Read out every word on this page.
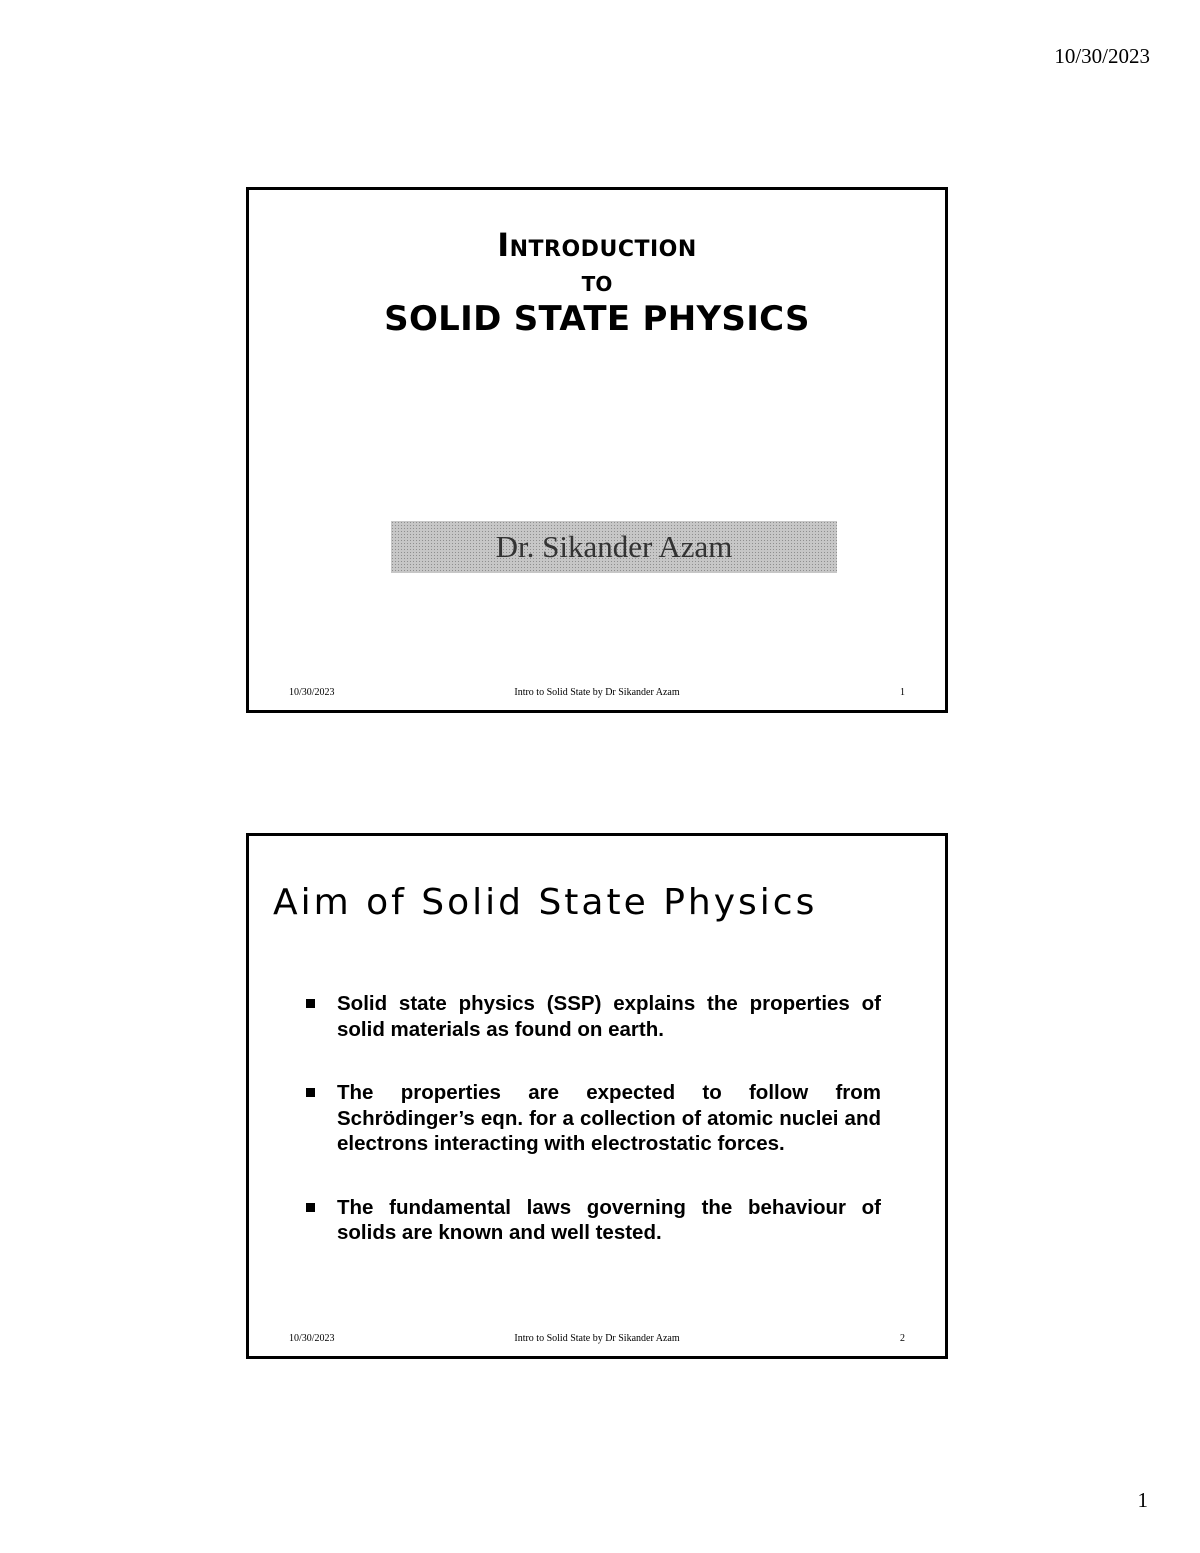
10/30/2023
Introduction
to
SOLID STATE PHYSICS
Dr. Sikander Azam
10/30/2023	Intro to Solid State by Dr Sikander Azam	1
Aim of Solid State Physics
Solid state physics (SSP) explains the properties of solid materials as found on earth.
The properties are expected to follow from Schrödinger’s eqn. for a collection of atomic nuclei and electrons interacting with electrostatic forces.
The fundamental laws governing the behaviour of solids are known and well tested.
10/30/2023	Intro to Solid State by Dr Sikander Azam	2
1
